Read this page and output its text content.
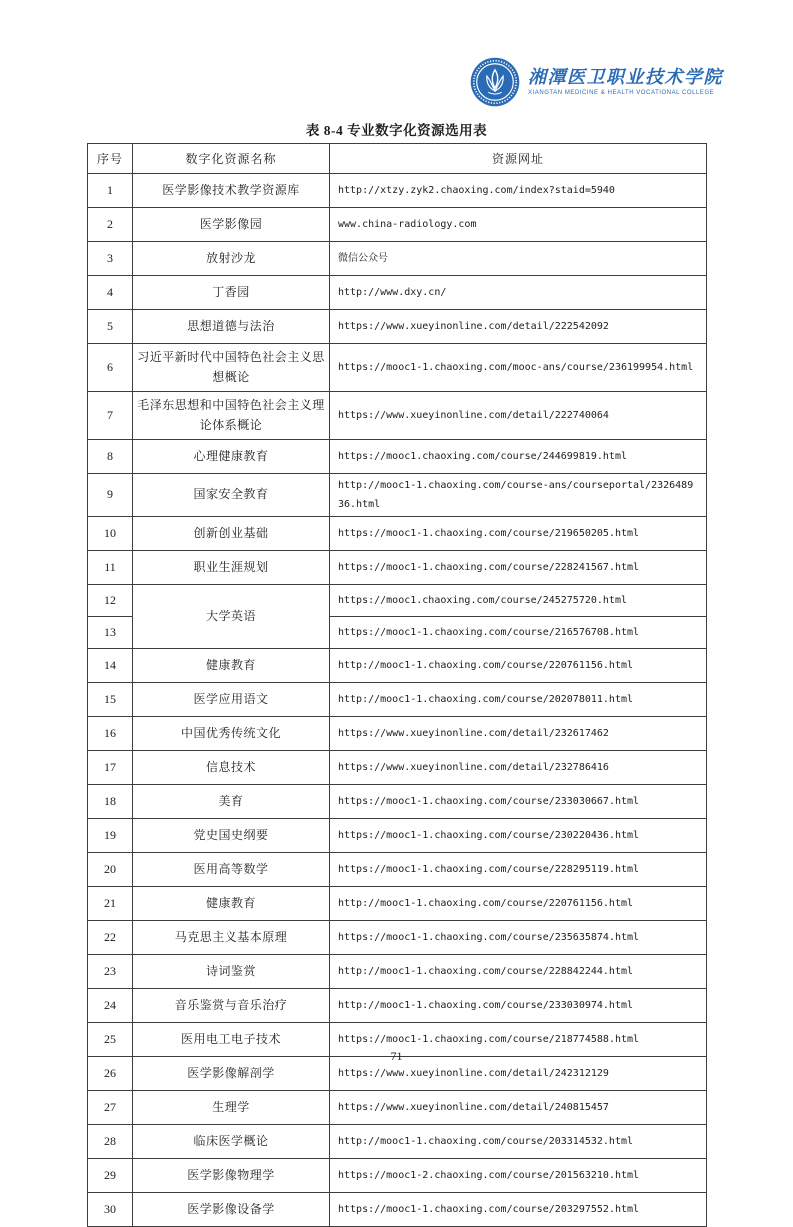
湘潭医卫职业技术学院
XIANGTAN MEDICINE & HEALTH VOCATIONAL COLLEGE
表 8-4 专业数字化资源选用表
序号	数字化资源名称	资源网址
1	医学影像技术教学资源库	http://xtzy.zyk2.chaoxing.com/index?staid=5940
2	医学影像园	www.china-radiology.com
3	放射沙龙	微信公众号
4	丁香园	http://www.dxy.cn/
5	思想道德与法治	https://www.xueyinonline.com/detail/222542092
6	习近平新时代中国特色社会主义思想概论	https://mooc1-1.chaoxing.com/mooc-ans/course/236199954.html
7	毛泽东思想和中国特色社会主义理论体系概论	https://www.xueyinonline.com/detail/222740064
8	心理健康教育	https://mooc1.chaoxing.com/course/244699819.html
9	国家安全教育	http://mooc1-1.chaoxing.com/course-ans/courseportal/232648936.html
10	创新创业基础	https://mooc1-1.chaoxing.com/course/219650205.html
11	职业生涯规划	https://mooc1-1.chaoxing.com/course/228241567.html
12	大学英语	https://mooc1.chaoxing.com/course/245275720.html
13		https://mooc1-1.chaoxing.com/course/216576708.html
14	健康教育	http://mooc1-1.chaoxing.com/course/220761156.html
15	医学应用语文	http://mooc1-1.chaoxing.com/course/202078011.html
16	中国优秀传统文化	https://www.xueyinonline.com/detail/232617462
17	信息技术	https://www.xueyinonline.com/detail/232786416
18	美育	https://mooc1-1.chaoxing.com/course/233030667.html
19	党史国史纲要	https://mooc1-1.chaoxing.com/course/230220436.html
20	医用高等数学	https://mooc1-1.chaoxing.com/course/228295119.html
21	健康教育	http://mooc1-1.chaoxing.com/course/220761156.html
22	马克思主义基本原理	https://mooc1-1.chaoxing.com/course/235635874.html
23	诗词鉴赏	http://mooc1-1.chaoxing.com/course/228842244.html
24	音乐鉴赏与音乐治疗	http://mooc1-1.chaoxing.com/course/233030974.html
25	医用电工电子技术	https://mooc1-1.chaoxing.com/course/218774588.html
26	医学影像解剖学	https://www.xueyinonline.com/detail/242312129
27	生理学	https://www.xueyinonline.com/detail/240815457
28	临床医学概论	http://mooc1-1.chaoxing.com/course/203314532.html
29	医学影像物理学	https://mooc1-2.chaoxing.com/course/201563210.html
30	医学影像设备学	https://mooc1-1.chaoxing.com/course/203297552.html
71
